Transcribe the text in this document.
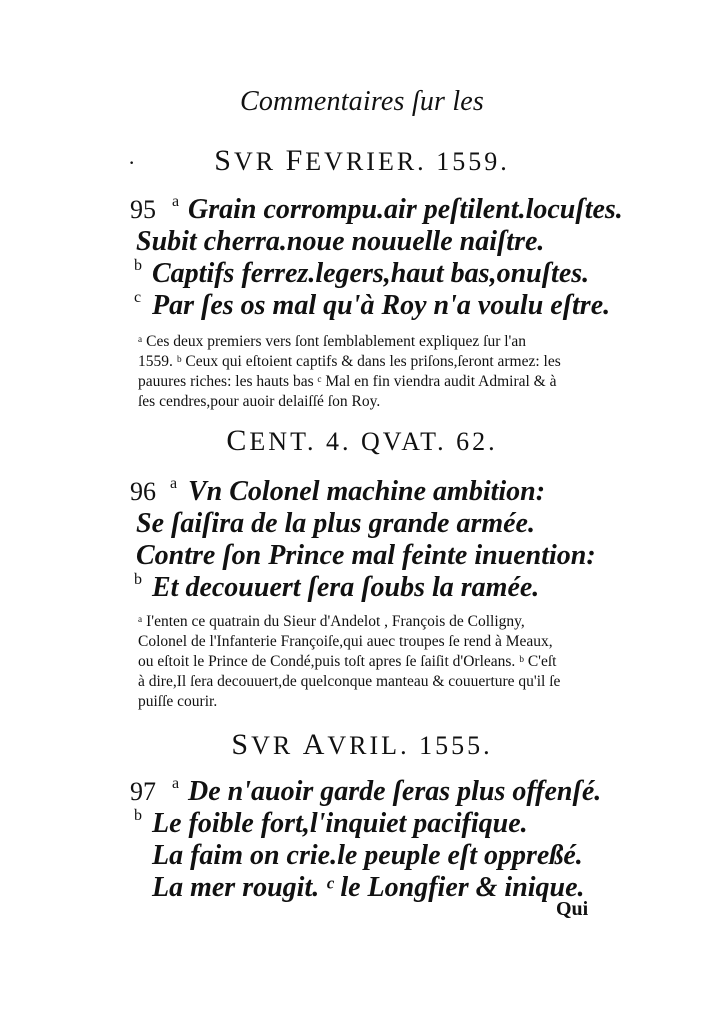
Commentaires ſur les
·	SVR FEVRIER. 1559.
95 a Grain corrompu.air peſtilent.locuſtes.
Subit cherra.noue nouuelle naiſtre.
b Captifs ferrez.legers,haut bas,onuſtes.
c Par ſes os mal qu'à Roy n'a voulu eſtre.
ᵃ Ces deux premiers vers ſont ſemblablement expliquez ſur l'an
1559. ᵇ Ceux qui eſtoient captifs & dans les priſons,ſeront armez: les
pauures riches: les hauts bas ᶜ Mal en fin viendra audit Admiral & à
ſes cendres,pour auoir delaiſſé ſon Roy.
CENT. 4. QVAT. 62.
96 a Vn Colonel machine ambition:
Se ſaiſira de la plus grande armée.
Contre ſon Prince mal feinte inuention:
b Et decouuert ſera ſoubs la ramée.
ᵃ I'enten ce quatrain du Sieur d'Andelot , François de Colligny,
Colonel de l'Infanterie Françoiſe,qui auec troupes ſe rend à Meaux,
ou eſtoit le Prince de Condé,puis toſt apres ſe ſaiſit d'Orleans. ᵇ C'eſt
à dire,Il ſera decouuert,de quelconque manteau & couuerture qu'il ſe
puiſſe courir.
SVR AVRIL. 1555.
97 a De n'auoir garde ſeras plus offenſé.
b Le foible fort,l'inquiet pacifique.
La faim on crie.le peuple eſt oppreßé.
La mer rougit. ᶜ le Longfier & inique.
Qui
